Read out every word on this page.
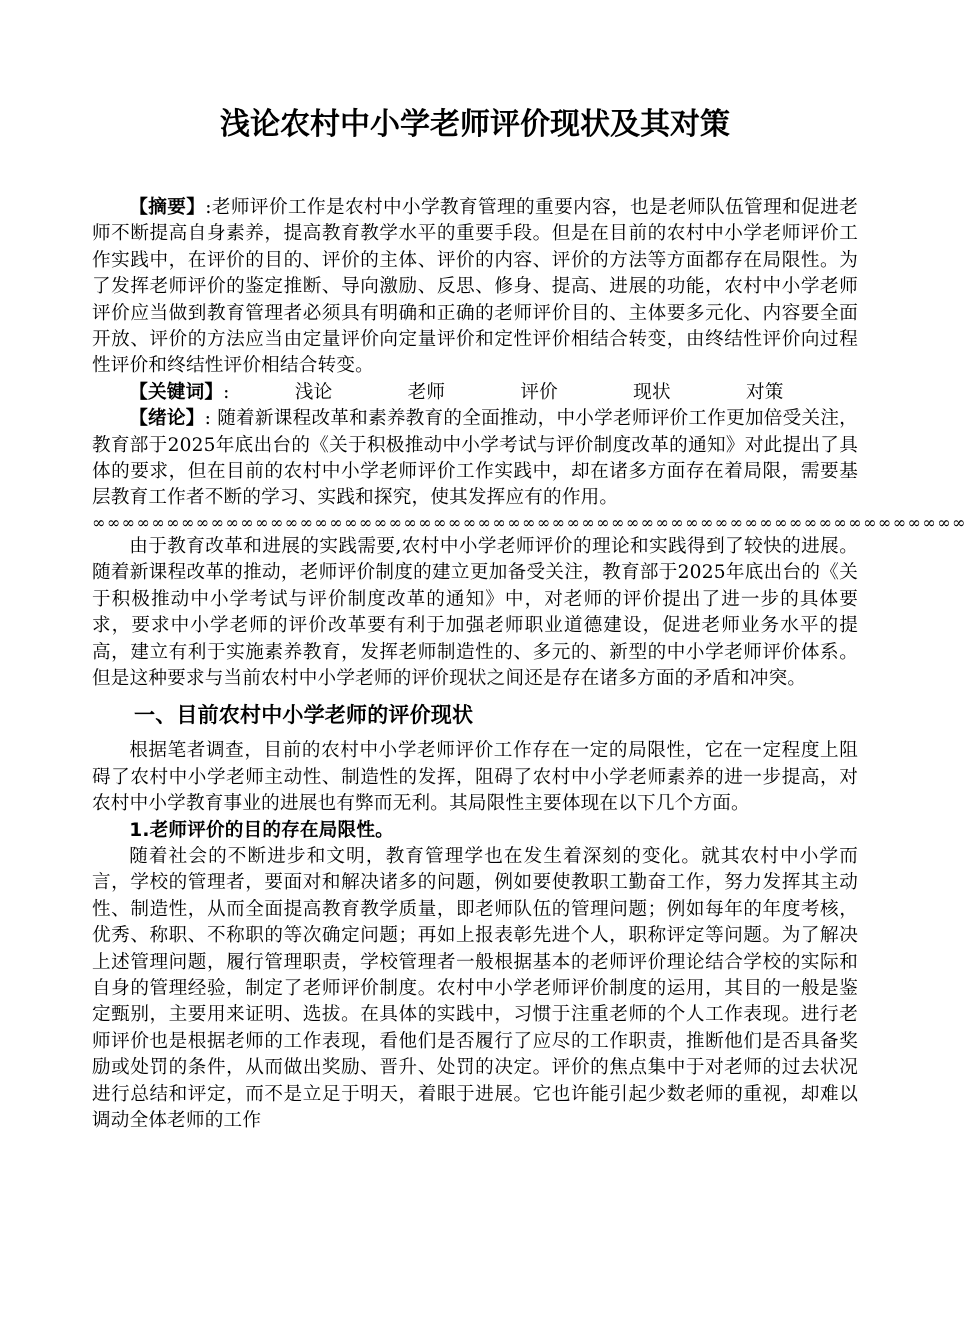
浅论农村中小学老师评价现状及其对策

【摘要】:老师评价工作是农村中小学教育管理的重要内容，也是老师队伍管理和促进老师不断提高自身素养，提高教育教学水平的重要手段。但是在目前的农村中小学老师评价工作实践中，在评价的目的、评价的主体、评价的内容、评价的方法等方面都存在局限性。为了发挥老师评价的鉴定推断、导向激励、反思、修身、提高、进展的功能，农村中小学老师评价应当做到教育管理者必须具有明确和正确的老师评价目的、主体要多元化、内容要全面开放、评价的方法应当由定量评价向定量评价和定性评价相结合转变，由终结性评价向过程性评价和终结性评价相结合转变。

【关键词】:	浅论	老师	评价	现状	对策

【绪论】: 随着新课程改革和素养教育的全面推动，中小学老师评价工作更加倍受关注，教育部于2025年底出台的《关于积极推动中小学考试与评价制度改革的通知》对此提出了具体的要求，但在目前的农村中小学老师评价工作实践中，却在诸多方面存在着局限，需要基层教育工作者不断的学习、实践和探究，使其发挥应有的作用。

∞∞∞∞∞∞∞∞∞∞∞∞∞∞∞∞∞∞∞∞∞∞∞∞∞∞∞∞∞∞∞∞∞∞∞∞∞∞∞∞∞∞∞∞∞∞∞∞∞∞∞∞∞∞∞∞∞∞∞

由于教育改革和进展的实践需要,农村中小学老师评价的理论和实践得到了较快的进展。随着新课程改革的推动，老师评价制度的建立更加备受关注，教育部于2025年底出台的《关于积极推动中小学考试与评价制度改革的通知》中，对老师的评价提出了进一步的具体要求，要求中小学老师的评价改革要有利于加强老师职业道德建设，促进老师业务水平的提高，建立有利于实施素养教育，发挥老师制造性的、多元的、新型的中小学老师评价体系。但是这种要求与当前农村中小学老师的评价现状之间还是存在诸多方面的矛盾和冲突。

一、目前农村中小学老师的评价现状

根据笔者调查，目前的农村中小学老师评价工作存在一定的局限性，它在一定程度上阻碍了农村中小学老师主动性、制造性的发挥，阻碍了农村中小学老师素养的进一步提高，对农村中小学教育事业的进展也有弊而无利。其局限性主要体现在以下几个方面。

1.老师评价的目的存在局限性。

随着社会的不断进步和文明，教育管理学也在发生着深刻的变化。就其农村中小学而言，学校的管理者，要面对和解决诸多的问题，例如要使教职工勤奋工作，努力发挥其主动性、制造性，从而全面提高教育教学质量，即老师队伍的管理问题；例如每年的年度考核，优秀、称职、不称职的等次确定问题；再如上报表彰先进个人，职称评定等问题。为了解决上述管理问题，履行管理职责，学校管理者一般根据基本的老师评价理论结合学校的实际和自身的管理经验，制定了老师评价制度。农村中小学老师评价制度的运用，其目的一般是鉴定甄别，主要用来证明、选拔。在具体的实践中，习惯于注重老师的个人工作表现。进行老师评价也是根据老师的工作表现，看他们是否履行了应尽的工作职责，推断他们是否具备奖励或处罚的条件，从而做出奖励、晋升、处罚的决定。评价的焦点集中于对老师的过去状况进行总结和评定，而不是立足于明天，着眼于进展。它也许能引起少数老师的重视，却难以调动全体老师的工作
